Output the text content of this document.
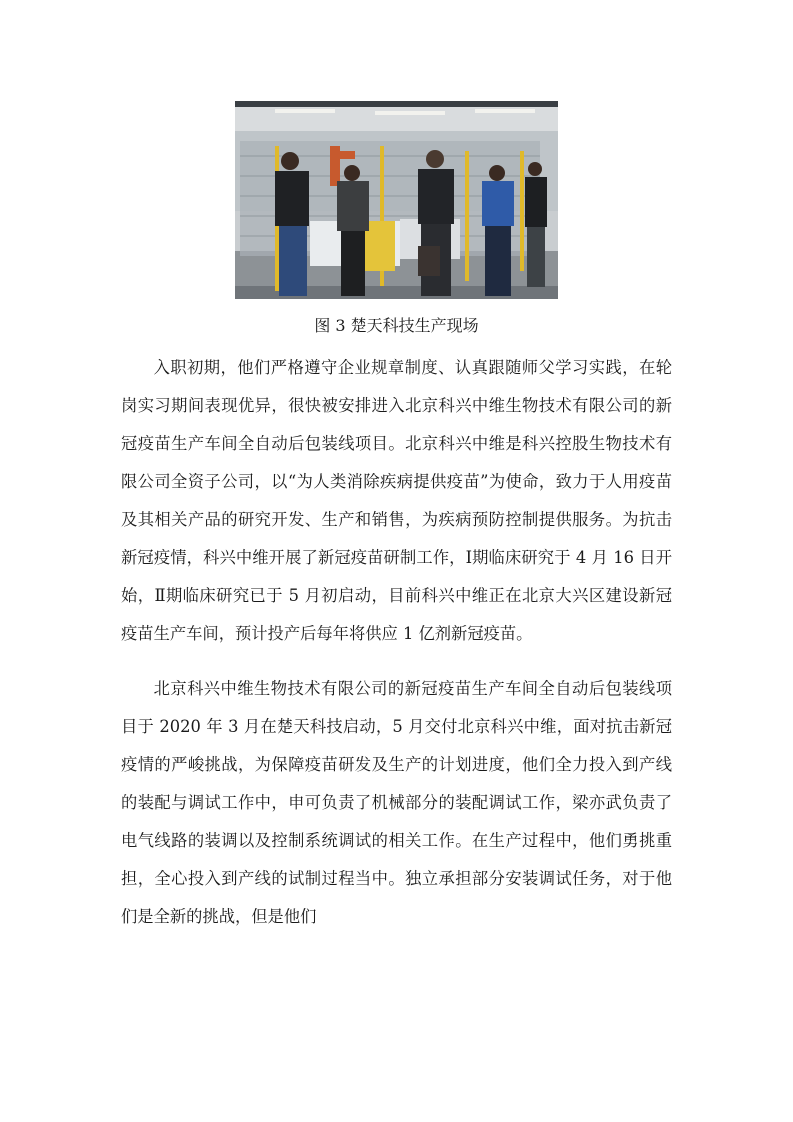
图 3 楚天科技生产现场

入职初期，他们严格遵守企业规章制度、认真跟随师父学习实践，在轮岗实习期间表现优异，很快被安排进入北京科兴中维生物技术有限公司的新冠疫苗生产车间全自动后包装线项目。北京科兴中维是科兴控股生物技术有限公司全资子公司，以“为人类消除疾病提供疫苗”为使命，致力于人用疫苗及其相关产品的研究开发、生产和销售，为疾病预防控制提供服务。为抗击新冠疫情，科兴中维开展了新冠疫苗研制工作，Ⅰ期临床研究于 4 月 16 日开始，Ⅱ期临床研究已于 5 月初启动，目前科兴中维正在北京大兴区建设新冠疫苗生产车间，预计投产后每年将供应 1 亿剂新冠疫苗。

北京科兴中维生物技术有限公司的新冠疫苗生产车间全自动后包装线项目于 2020 年 3 月在楚天科技启动，5 月交付北京科兴中维，面对抗击新冠疫情的严峻挑战，为保障疫苗研发及生产的计划进度，他们全力投入到产线的装配与调试工作中，申可负责了机械部分的装配调试工作，梁亦武负责了电气线路的装调以及控制系统调试的相关工作。在生产过程中，他们勇挑重担，全心投入到产线的试制过程当中。独立承担部分安装调试任务，对于他们是全新的挑战，但是他们
